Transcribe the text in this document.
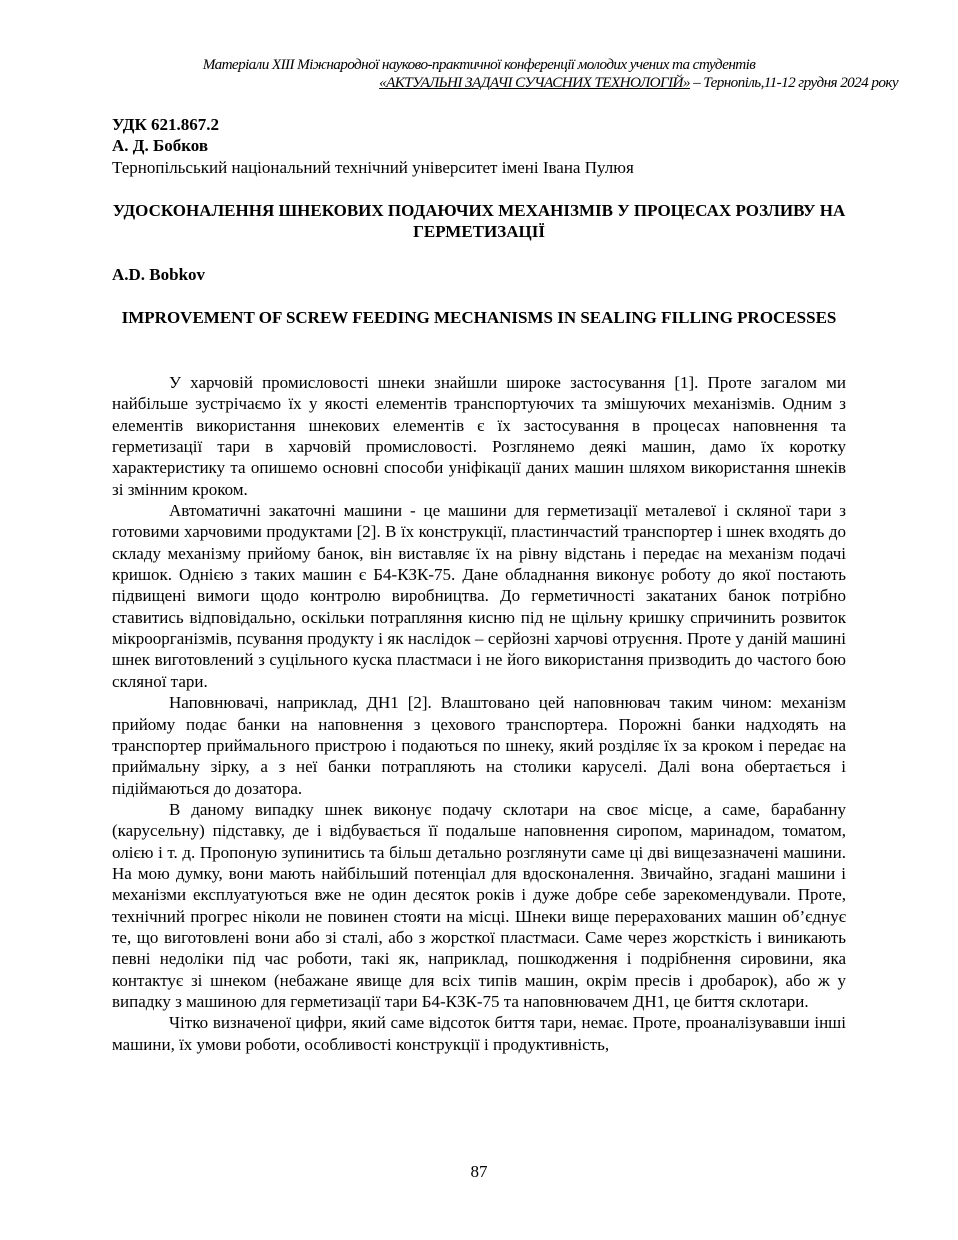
Матеріали XIII Міжнародної науково-практичної конференції молодих учених та студентів
«АКТУАЛЬНІ ЗАДАЧІ СУЧАСНИХ ТЕХНОЛОГІЙ» – Тернопіль,11-12 грудня 2024 року
УДК 621.867.2
А. Д. Бобков
Тернопільський національний технічний університет імені Івана Пулюя
УДОСКОНАЛЕННЯ ШНЕКОВИХ ПОДАЮЧИХ МЕХАНІЗМІВ У ПРОЦЕСАХ РОЗЛИВУ НА ГЕРМЕТИЗАЦІЇ
A.D. Bobkov
IMPROVEMENT OF SCREW FEEDING MECHANISMS IN SEALING FILLING PROCESSES

У харчовій промисловості шнеки знайшли широке застосування [1]. Проте загалом ми найбільше зустрічаємо їх у якості елементів транспортуючих та змішуючих механізмів. Одним з елементів використання шнекових елементів є їх застосування в процесах наповнення та герметизації тари в харчовій промисловості. Розглянемо деякі машин, дамо їх коротку характеристику та опишемо основні способи уніфікації даних машин шляхом використання шнеків зі змінним кроком.

Автоматичні закаточні машини - це машини для герметизації металевої і скляної тари з готовими харчовими продуктами [2]. В їх конструкції, пластинчастий транспортер і шнек входять до складу механізму прийому банок, він виставляє їх на рівну відстань і передає на механізм подачі кришок. Однією з таких машин є Б4-КЗК-75. Дане обладнання виконує роботу до якої постають підвищені вимоги щодо контролю виробництва. До герметичності закатаних банок потрібно ставитись відповідально, оскільки потрапляння кисню під не щільну кришку спричинить розвиток мікроорганізмів, псування продукту і як наслідок – серйозні харчові отруєння. Проте у даній машині шнек виготовлений з суцільного куска пластмаси і не його використання призводить до частого бою скляної тари.

Наповнювачі, наприклад, ДН1 [2]. Влаштовано цей наповнювач таким чином: механізм прийому подає банки на наповнення з цехового транспортера. Порожні банки надходять на транспортер приймального пристрою і подаються по шнеку, який розділяє їх за кроком і передає на приймальну зірку, а з неї банки потрапляють на столики каруселі. Далі вона обертається і підіймаються до дозатора.

В даному випадку шнек виконує подачу склотари на своє місце, а саме, барабанну (карусельну) підставку, де і відбувається її подальше наповнення сиропом, маринадом, томатом, олією і т. д. Пропоную зупинитись та більш детально розглянути саме ці дві вищезазначені машини. На мою думку, вони мають найбільший потенціал для вдосконалення. Звичайно, згадані машини і механізми експлуатуються вже не один десяток років і дуже добре себе зарекомендували. Проте, технічний прогрес ніколи не повинен стояти на місці. Шнеки вище перерахованих машин об’єднує те, що виготовлені вони або зі сталі, або з жорсткої пластмаси. Саме через жорсткість і виникають певні недоліки під час роботи, такі як, наприклад, пошкодження і подрібнення сировини, яка контактує зі шнеком (небажане явище для всіх типів машин, окрім пресів і дробарок), або ж у випадку з машиною для герметизації тари Б4-КЗК-75 та наповнювачем ДН1, це биття склотари.

Чітко визначеної цифри, який саме відсоток биття тари, немає. Проте, проаналізувавши інші машини, їх умови роботи, особливості конструкції і продуктивність,

87
